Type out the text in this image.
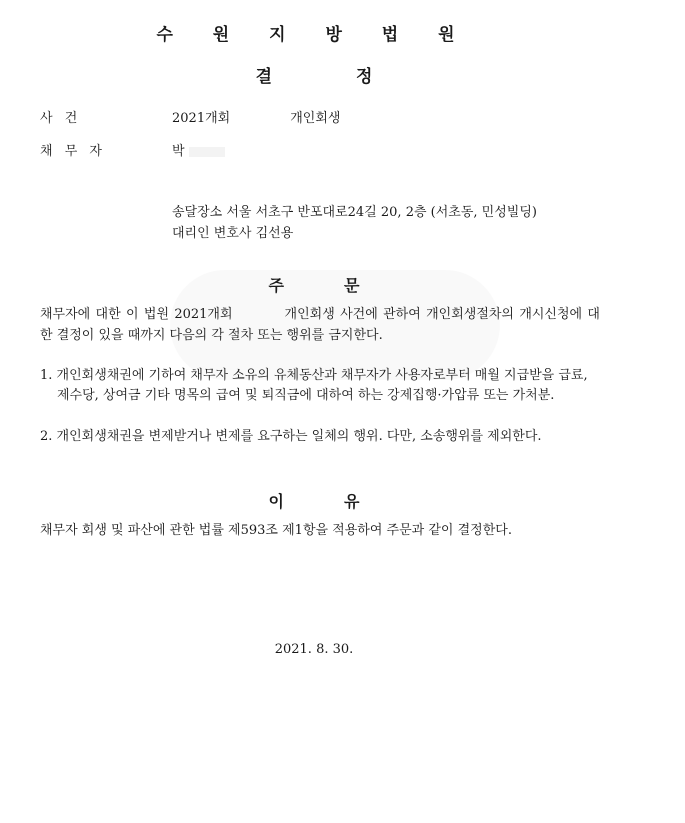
수 원 지 방 법 원
결정
사 건	2021개회	개인회생
채 무 자	박
송달장소 서울 서초구 반포대로24길 20, 2층 (서초동, 민성빌딩)
대리인 변호사 김선용
주문
채무자에 대한 이 법원 2021개회	개인회생 사건에 관하여 개인회생절차의 개시신청에 대한 결정이 있을 때까지 다음의 각 절차 또는 행위를 금지한다.
1. 개인회생채권에 기하여 채무자 소유의 유체동산과 채무자가 사용자로부터 매월 지급받을 급료, 제수당, 상여금 기타 명목의 급여 및 퇴직금에 대하여 하는 강제집행·가압류 또는 가처분.
2. 개인회생채권을 변제받거나 변제를 요구하는 일체의 행위. 다만, 소송행위를 제외한다.
이유
채무자 회생 및 파산에 관한 법률 제593조 제1항을 적용하여 주문과 같이 결정한다.
2021. 8. 30.
